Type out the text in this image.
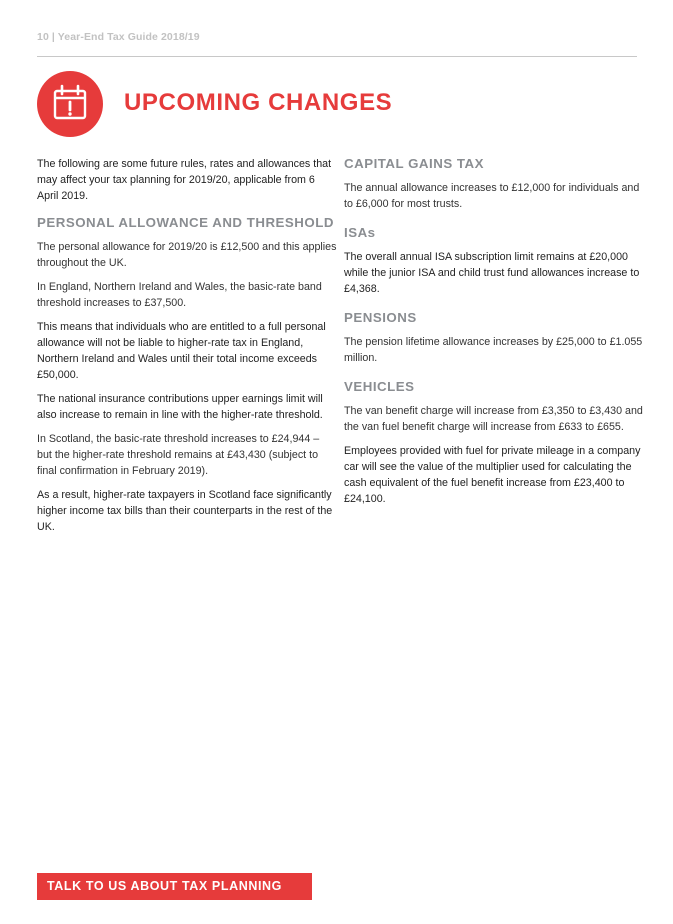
10 | Year-End Tax Guide 2018/19
UPCOMING CHANGES

The following are some future rules, rates and allowances that may affect your tax planning for 2019/20, applicable from 6 April 2019.

PERSONAL ALLOWANCE AND THRESHOLD

The personal allowance for 2019/20 is £12,500 and this applies throughout the UK.

In England, Northern Ireland and Wales, the basic-rate band threshold increases to £37,500.

This means that individuals who are entitled to a full personal allowance will not be liable to higher-rate tax in England, Northern Ireland and Wales until their total income exceeds £50,000.

The national insurance contributions upper earnings limit will also increase to remain in line with the higher-rate threshold.

In Scotland, the basic-rate threshold increases to £24,944 – but the higher-rate threshold remains at £43,430 (subject to final confirmation in February 2019).

As a result, higher-rate taxpayers in Scotland face significantly higher income tax bills than their counterparts in the rest of the UK.

CAPITAL GAINS TAX

The annual allowance increases to £12,000 for individuals and to £6,000 for most trusts.

ISAs

The overall annual ISA subscription limit remains at £20,000 while the junior ISA and child trust fund allowances increase to £4,368.

PENSIONS

The pension lifetime allowance increases by £25,000 to £1.055 million.

VEHICLES

The van benefit charge will increase from £3,350 to £3,430 and the van fuel benefit charge will increase from £633 to £655.

Employees provided with fuel for private mileage in a company car will see the value of the multiplier used for calculating the cash equivalent of the fuel benefit increase from £23,400 to £24,100.

TALK TO US ABOUT TAX PLANNING
